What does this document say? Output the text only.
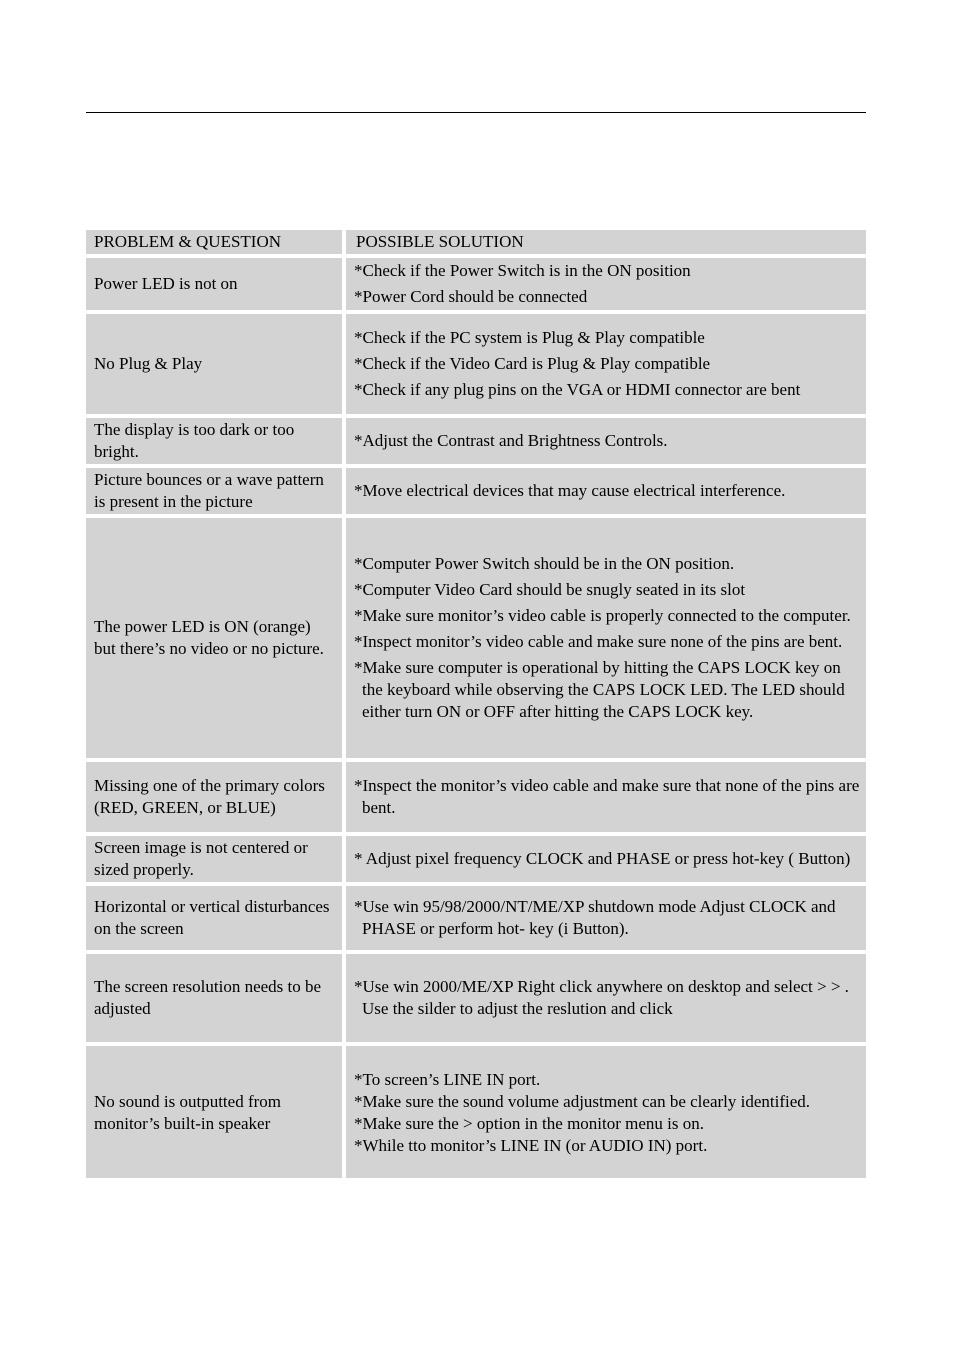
PROBLEM & QUESTION	POSSIBLE SOLUTION
Power LED is not on
*Check if the Power Switch is in the ON position
*Power Cord should be connected
No Plug & Play
*Check if the PC system is Plug & Play compatible
*Check if the Video Card is Plug & Play compatible
*Check if any plug pins on the VGA or HDMI connector are bent
The display is too dark or too bright.
*Adjust the Contrast and Brightness Controls.
Picture bounces or a wave pattern is present in the picture
*Move electrical devices that may cause electrical interference.
The power LED is ON (orange) but there’s no video or no picture.
*Computer Power Switch should be in the ON position.
*Computer Video Card should be snugly seated in its slot
*Make sure monitor’s video cable is properly connected to the computer.
*Inspect monitor’s video cable and make sure none of the pins are bent.
*Make sure computer is operational by hitting the CAPS LOCK key on the keyboard while observing the CAPS LOCK LED. The LED should either turn ON or OFF after hitting the CAPS LOCK key.
Missing one of the primary colors (RED, GREEN, or BLUE)
*Inspect the monitor’s video cable and make sure that none of the pins are bent.
Screen image is not centered or sized properly.
* Adjust pixel frequency CLOCK and PHASE or press hot-key ( Button)
Horizontal or vertical disturbances on the screen
*Use win 95/98/2000/NT/ME/XP shutdown mode Adjust CLOCK and PHASE or perform hot- key (i Button).
The screen resolution needs to be adjusted
*Use win 2000/ME/XP Right click anywhere on desktop and select > > . Use the silder to adjust the reslution and click
No sound is outputted from monitor’s built-in speaker
*To screen’s LINE IN port.
*Make sure the sound volume adjustment can be clearly identified.
*Make sure the > option in the monitor menu is on.
*While tto monitor’s LINE IN (or AUDIO IN) port.
